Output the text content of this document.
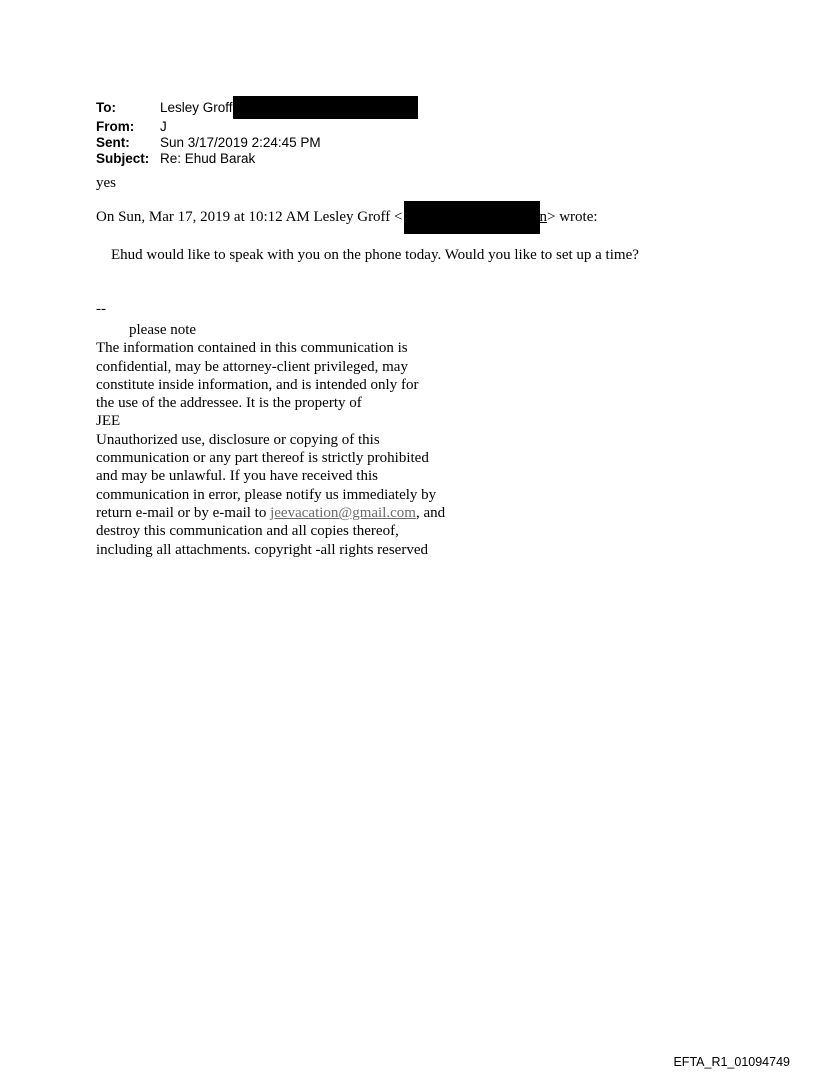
To:	Lesley Groff
From:	J
Sent:	Sun 3/17/2019 2:24:45 PM
Subject: Re: Ehud Barak
yes
On Sun, Mar 17, 2019 at 10:12 AM Lesley Groff <	n > wrote:
Ehud would like to speak with you on the phone today. Would you like to set up a time?
--
please note
The information contained in this communication is
confidential, may be attorney-client privileged, may
constitute inside information, and is intended only for
the use of the addressee. It is the property of
JEE
Unauthorized use, disclosure or copying of this
communication or any part thereof is strictly prohibited
and may be unlawful. If you have received this
communication in error, please notify us immediately by
return e-mail or by e-mail to jeevacation@gmail.com, and
destroy this communication and all copies thereof,
including all attachments. copyright -all rights reserved
EFTA_R1_01094749
